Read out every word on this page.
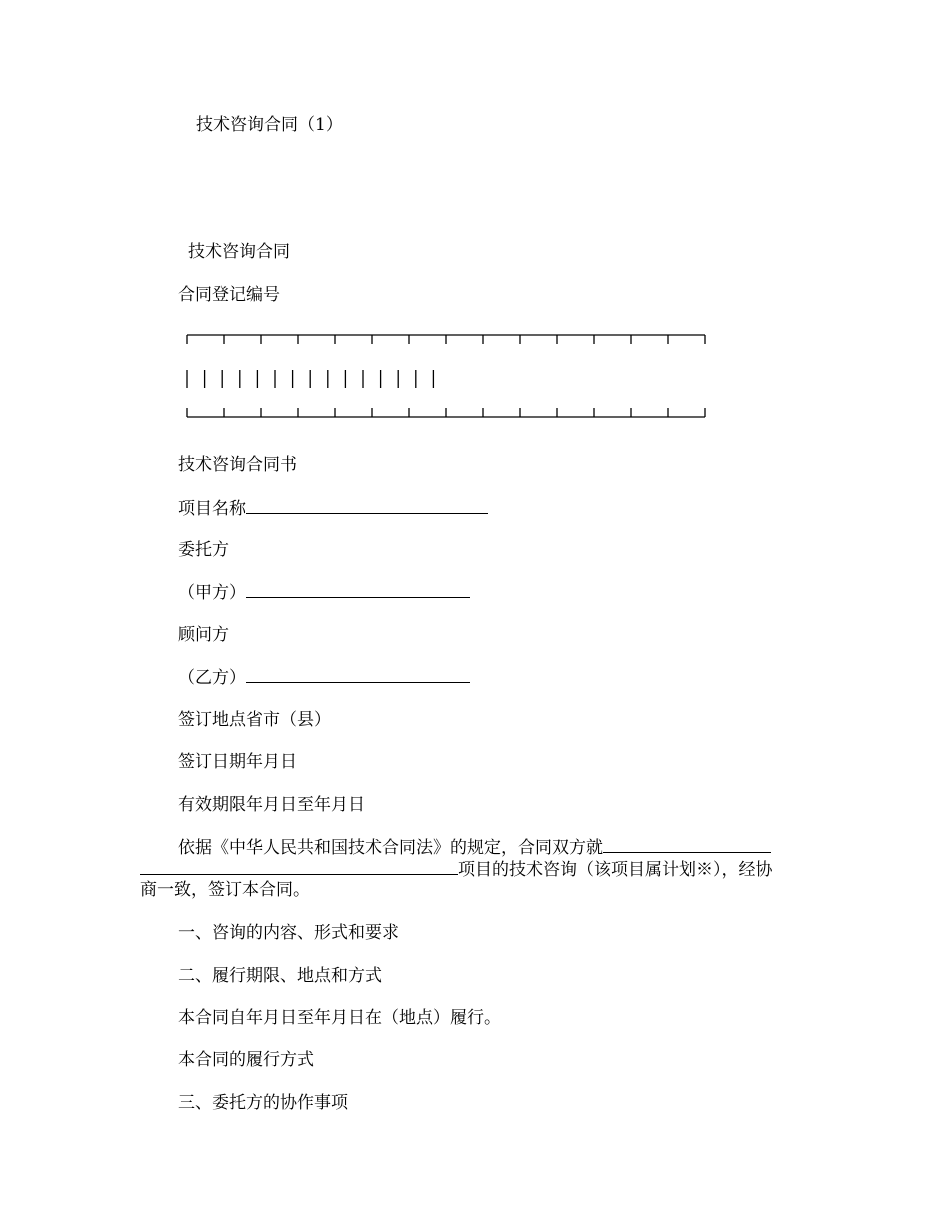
技术咨询合同（1）
技术咨询合同
合同登记编号
技术咨询合同书
项目名称
委托方
（甲方）
顾问方
（乙方）
签订地点省市（县）
签订日期年月日
有效期限年月日至年月日
依据《中华人民共和国技术合同法》的规定，合同双方就
项目的技术咨询（该项目属计划※），经协
商一致，签订本合同。
一、咨询的内容、形式和要求
二、履行期限、地点和方式
本合同自年月日至年月日在（地点）履行。
本合同的履行方式
三、委托方的协作事项
